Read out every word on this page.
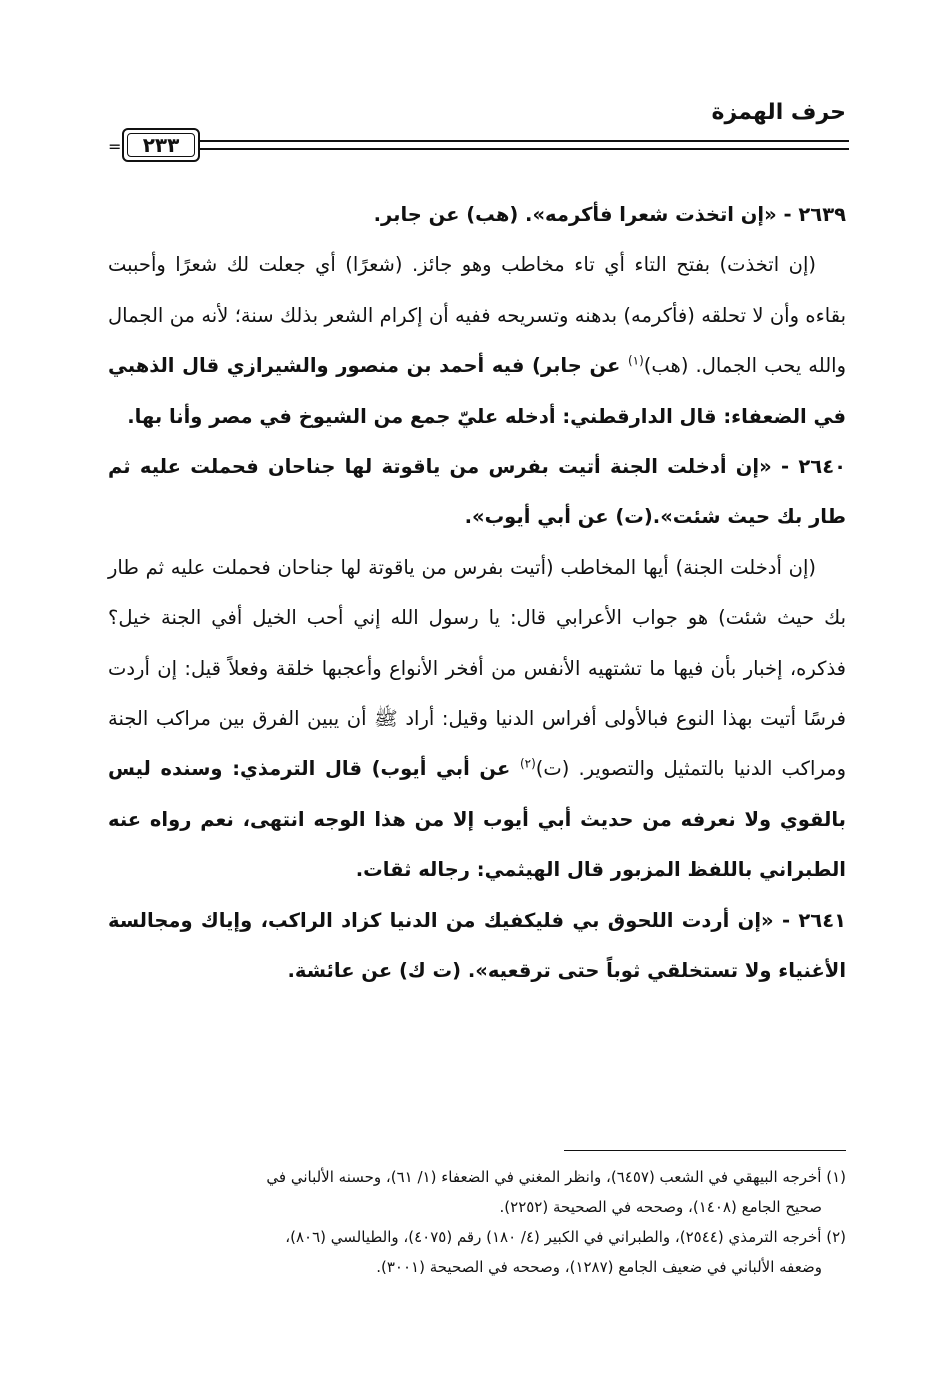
حرف الهمزة
٢٣٣
=

٢٦٣٩ - «إن اتخذت شعرا فأكرمه». (هب) عن جابر.

(إن اتخذت) بفتح التاء أي تاء مخاطب وهو جائز. (شعرًا) أي جعلت لك شعرًا وأحببت بقاءه وأن لا تحلقه (فأكرمه) بدهنه وتسريحه ففيه أن إكرام الشعر بذلك سنة؛ لأنه من الجمال والله يحب الجمال. (هب)$^{(١)}$ عن جابر) فيه أحمد بن منصور والشيرازي قال الذهبي في الضعفاء: قال الدارقطني: أدخله عليّ جمع من الشيوخ في مصر وأنا بها.

٢٦٤٠ - «إن أدخلت الجنة أتيت بفرس من ياقوتة لها جناحان فحملت عليه ثم طار بك حيث شئت».(ت) عن أبي أيوب».

(إن أدخلت الجنة) أيها المخاطب (أتيت بفرس من ياقوتة لها جناحان فحملت عليه ثم طار بك حيث شئت) هو جواب الأعرابي قال: يا رسول الله إني أحب الخيل أفي الجنة خيل؟ فذكره، إخبار بأن فيها ما تشتهيه الأنفس من أفخر الأنواع وأعجبها خلقة وفعلاً قيل: إن أردت فرسًا أتيت بهذا النوع فبالأولى أفراس الدنيا وقيل: أراد ﷺ أن يبين الفرق بين مراكب الجنة ومراكب الدنيا بالتمثيل والتصوير. (ت)$^{(٢)}$ عن أبي أيوب) قال الترمذي: وسنده ليس بالقوي ولا نعرفه من حديث أبي أيوب إلا من هذا الوجه انتهى، نعم رواه عنه الطبراني باللفظ المزبور قال الهيثمي: رجاله ثقات.

٢٦٤١ - «إن أردت اللحوق بي فليكفيك من الدنيا كزاد الراكب، وإياك ومجالسة الأغنياء ولا تستخلقي ثوباً حتى ترقعيه». (ت ك) عن عائشة.

(١) أخرجه البيهقي في الشعب (٦٤٥٧)، وانظر المغني في الضعفاء (١/ ٦١)، وحسنه الألباني في

صحيح الجامع (١٤٠٨)، وصححه في الصحيحة (٢٢٥٢).

(٢) أخرجه الترمذي (٢٥٤٤)، والطبراني في الكبير (٤/ ١٨٠) رقم (٤٠٧٥)، والطيالسي (٨٠٦)،

وضعفه الألباني في ضعيف الجامع (١٢٨٧)، وصححه في الصحيحة (٣٠٠١).
